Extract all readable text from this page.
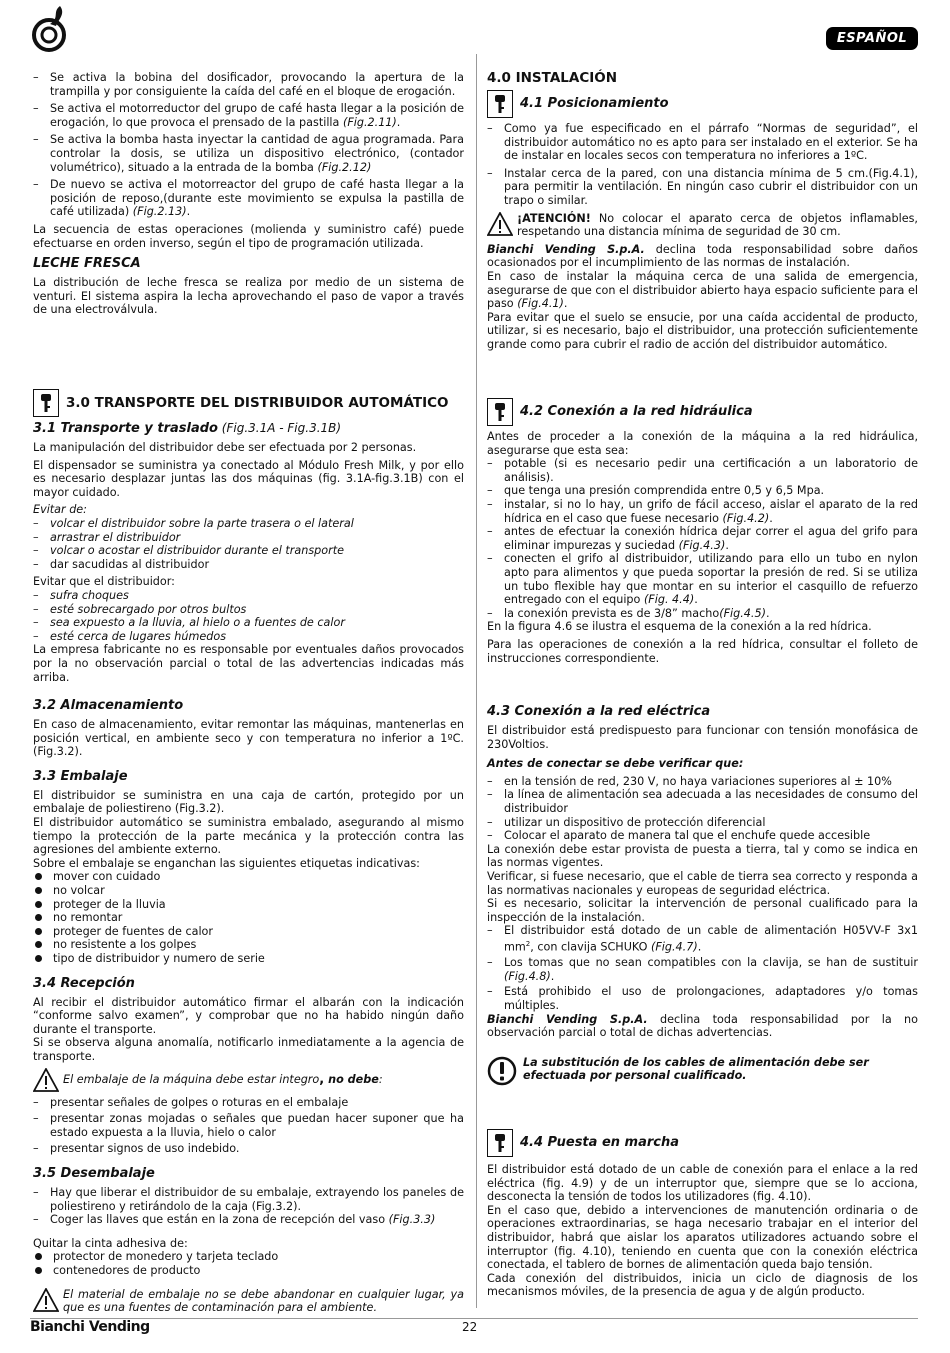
ESPAÑOL
– Se activa la bobina del dosificador, provocando la apertura de la trampilla y por consiguiente la caída del café en el bloque de erogación.
– Se activa el motorreductor del grupo de café hasta llegar a la posición de erogación, lo que provoca el prensado de la pastilla (Fig.2.11).
– Se activa la bomba hasta inyectar la cantidad de agua programada. Para controlar la dosis, se utiliza un dispositivo electrónico, (contador volumétrico), situado a la entrada de la bomba (Fig.2.12)
– De nuevo se activa el motorreactor del grupo de café hasta llegar a la posición de reposo,(durante este movimiento se expulsa la pastilla de café utilizada) (Fig.2.13).

La secuencia de estas operaciones (molienda y suministro café) puede efectuarse en orden inverso, según el tipo de programación utilizada.

LECHE FRESCA

La distribución de leche fresca se realiza por medio de un sistema de venturi. El sistema aspira la lecha aprovechando el paso de vapor a través de una electroválvula.

3.0 TRANSPORTE DEL DISTRIBUIDOR AUTOMÁTICO
3.1 Transporte y traslado (Fig.3.1A - Fig.3.1B)

La manipulación del distribuidor debe ser efectuada por 2 personas.

El dispensador se suministra ya conectado al Módulo Fresh Milk, y por ello es necesario desplazar juntas las dos máquinas (fig. 3.1A-fig.3.1B) con el mayor cuidado.

Evitar de:
– volcar el distribuidor sobre la parte trasera o el lateral
– arrastrar el distribuidor
– volcar o acostar el distribuidor durante el transporte
– dar sacudidas al distribuidor
Evitar que el distribuidor:
– sufra choques
– esté sobrecargado por otros bultos
– sea expuesto a la lluvia, al hielo o a fuentes de calor
– esté cerca de lugares húmedos

La empresa fabricante no es responsable por eventuales daños provocados por la no observación parcial o total de las advertencias indicadas más arriba.

3.2 Almacenamiento

En caso de almacenamiento, evitar remontar las máquinas, mantenerlas en posición vertical, en ambiente seco y con temperatura no inferior a 1ºC. (Fig.3.2).

3.3 Embalaje

El distribuidor se suministra en una caja de cartón, protegido por un embalaje de poliestireno (Fig.3.2).

El distribuidor automático se suministra embalado, asegurando al mismo tiempo la protección de la parte mecánica y la protección contra las agresiones del ambiente externo.

Sobre el embalaje se enganchan las siguientes etiquetas indicativas:

mover con cuidado
no volcar
proteger de la lluvia
no remontar
proteger de fuentes de calor
no resistente a los golpes
tipo de distribuidor y numero de serie
3.4 Recepción

Al recibir el distribuidor automático firmar el albarán con la indicación “conforme salvo examen”, y comprobar que no ha habido ningún daño durante el transporte.

Si se observa alguna anomalía, notificarlo inmediatamente a la agencia de transporte.

El embalaje de la máquina debe estar integro, no debe:
– presentar señales de golpes o roturas en el embalaje
– presentar zonas mojadas o señales que puedan hacer suponer que ha estado expuesta a la lluvia, hielo o calor
– presentar signos de uso indebido.
3.5 Desembalaje
– Hay que liberar el distribuidor de su embalaje, extrayendo los paneles de poliestireno y retirándolo de la caja (Fig.3.2).
– Coger las llaves que están en la zona de recepción del vaso (Fig.3.3)

Quitar la cinta adhesiva de:

protector de monedero y tarjeta teclado
contenedores de producto
El material de embalaje no se debe abandonar en cualquier lugar, ya que es una fuentes de contaminación para el ambiente.
4.0 INSTALACIÓN
4.1 Posicionamiento
– Como ya fue especificado en el párrafo “Normas de seguridad”, el distribuidor automático no es apto para ser instalado en el exterior. Se ha de instalar en locales secos con temperatura no inferiores a 1ºC.
– Instalar cerca de la pared, con una distancia mínima de 5 cm.(Fig.4.1), para permitir la ventilación. En ningún caso cubrir el distribuidor con un trapo o similar.
¡ATENCIÓN! No colocar el aparato cerca de objetos inflamables, respetando una distancia mínima de seguridad de 30 cm.

Bianchi Vending S.p.A. declina toda responsabilidad sobre daños ocasionados por el incumplimiento de las normas de instalación.

En caso de instalar la máquina cerca de una salida de emergencia, asegurarse de que con el distribuidor abierto haya espacio suficiente para el paso (Fig.4.1).

Para evitar que el suelo se ensucie, por una caída accidental de producto, utilizar, si es necesario, bajo el distribuidor, una protección suficientemente grande como para cubrir el radio de acción del distribuidor automático.

4.2 Conexión a la red hidráulica

Antes de proceder a la conexión de la máquina a la red hidráulica, asegurarse que esta sea:

– potable (si es necesario pedir una certificación a un laboratorio de análisis).
– que tenga una presión comprendida entre 0,5 y 6,5 Mpa.
– instalar, si no lo hay, un grifo de fácil acceso, aislar el aparato de la red hídrica en el caso que fuese necesario (Fig.4.2).
– antes de efectuar la conexión hídrica dejar correr el agua del grifo para eliminar impurezas y suciedad (Fig.4.3).
– conecten el grifo al distribuidor, utilizando para ello un tubo en nylon apto para alimentos y que pueda soportar la presión de red. Si se utiliza un tubo flexible hay que montar en su interior el casquillo de refuerzo entregado con el equipo (Fig. 4.4).
– la conexión prevista es de 3/8” macho(Fig.4.5).

En la figura 4.6 se ilustra el esquema de la conexión a la red hídrica.

Para las operaciones de conexión a la red hídrica, consultar el folleto de instrucciones correspondiente.

4.3 Conexión a la red eléctrica

El distribuidor está predispuesto para funcionar con tensión monofásica de 230Voltios.

Antes de conectar se debe verificar que:
– en la tensión de red, 230 V, no haya variaciones superiores al ± 10%
– la línea de alimentación sea adecuada a las necesidades de consumo del distribuidor
– utilizar un dispositivo de protección diferencial
– Colocar el aparato de manera tal que el enchufe quede accesible

La conexión debe estar provista de puesta a tierra, tal y como se indica en las normas vigentes.

Verificar, si fuese necesario, que el cable de tierra sea correcto y responda a las normativas nacionales y europeas de seguridad eléctrica.

Si es necesario, solicitar la intervención de personal cualificado para la inspección de la instalación.

– El distribuidor está dotado de un cable de alimentación H05VV-F 3x1 $mm^2$, con clavija SCHUKO (Fig.4.7).
– Los tomas que no sean compatibles con la clavija, se han de sustituir (Fig.4.8).
– Está prohibido el uso de prolongaciones, adaptadores y/o tomas múltiples.

Bianchi Vending S.p.A. declina toda responsabilidad por la no observación parcial o total de dichas advertencias.

La substitución de los cables de alimentación debe ser efectuada por personal cualificado.
4.4 Puesta en marcha

El distribuidor está dotado de un cable de conexión para el enlace a la red eléctrica (fig. 4.9) y de un interruptor que, siempre que se lo acciona, desconecta la tensión de todos los utilizadores (fig. 4.10).

En el caso que, debido a intervenciones de manutención ordinaria o de operaciones extraordinarias, se haga necesario trabajar en el interior del distribuidor, habrá que aislar los aparatos utilizadores actuando sobre el interruptor (fig. 4.10), teniendo en cuenta que con la conexión eléctrica conectada, el tablero de bornes de alimentación queda bajo tensión.

Cada conexión del distribuidos, inicia un ciclo de diagnosis de los mecanismos móviles, de la presencia de agua y de algún producto.

Bianchi Vending	22
